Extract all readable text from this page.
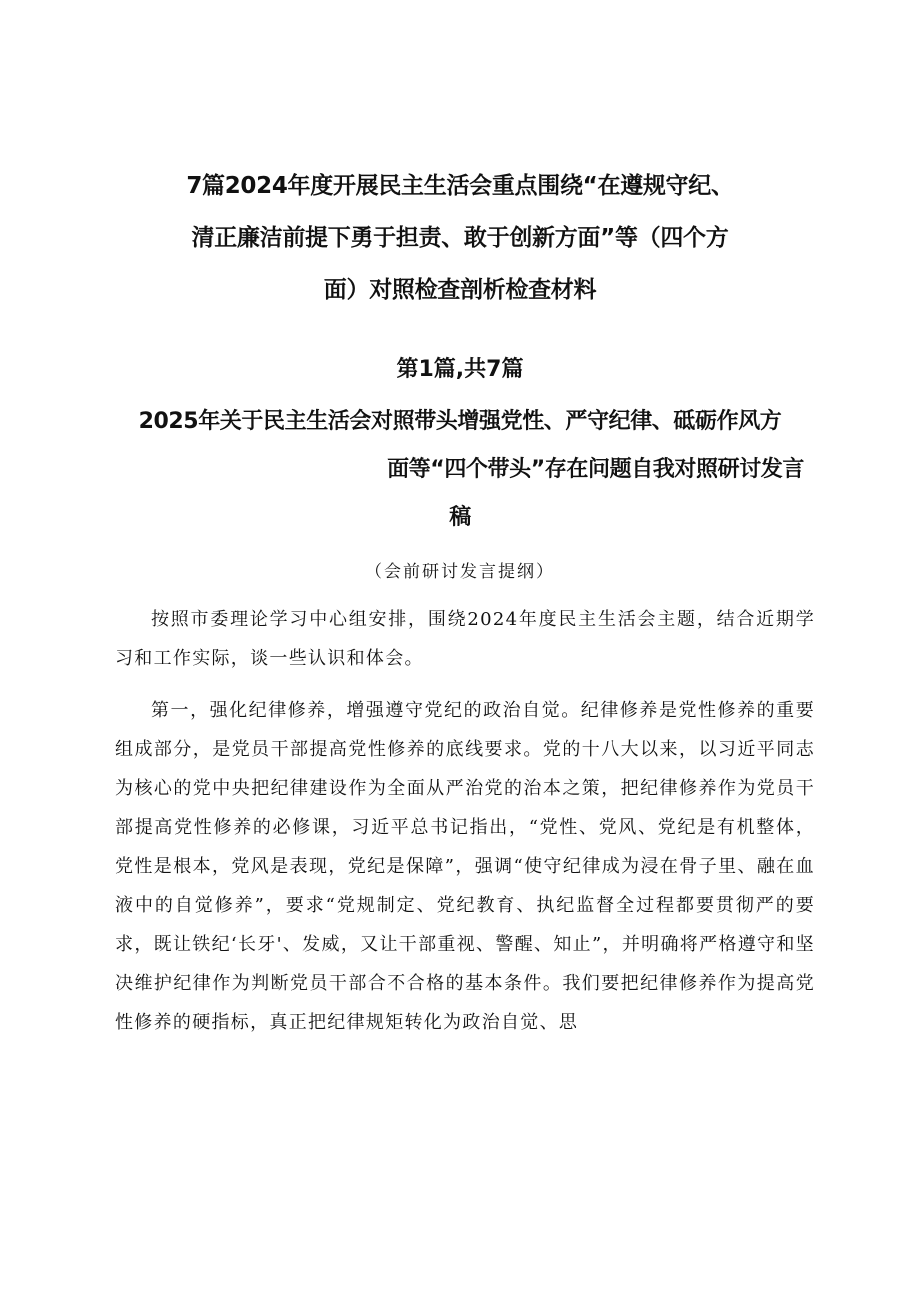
7篇2024年度开展民主生活会重点围绕“在遵规守纪、
清正廉洁前提下勇于担责、敢于创新方面”等（四个方
面）对照检查剖析检查材料
第1篇,共7篇
2025年关于民主生活会对照带头增强党性、严守纪律、砥砺作风方
面等“四个带头”存在问题自我对照研讨发言
稿
（会前研讨发言提纲）

按照市委理论学习中心组安排，围绕2024年度民主生活会主题，结合近期学习和工作实际，谈一些认识和体会。

第一，强化纪律修养，增强遵守党纪的政治自觉。纪律修养是党性修养的重要组成部分，是党员干部提高党性修养的底线要求。党的十八大以来，以习近平同志为核心的党中央把纪律建设作为全面从严治党的治本之策，把纪律修养作为党员干部提高党性修养的必修课，习近平总书记指出，“党性、党风、党纪是有机整体，党性是根本，党风是表现，党纪是保障”，强调“使守纪律成为浸在骨子里、融在血液中的自觉修养”，要求“党规制定、党纪教育、执纪监督全过程都要贯彻严的要求，既让铁纪‘长牙'、发威，又让干部重视、警醒、知止”，并明确将严格遵守和坚决维护纪律作为判断党员干部合不合格的基本条件。我们要把纪律修养作为提高党性修养的硬指标，真正把纪律规矩转化为政治自觉、思
